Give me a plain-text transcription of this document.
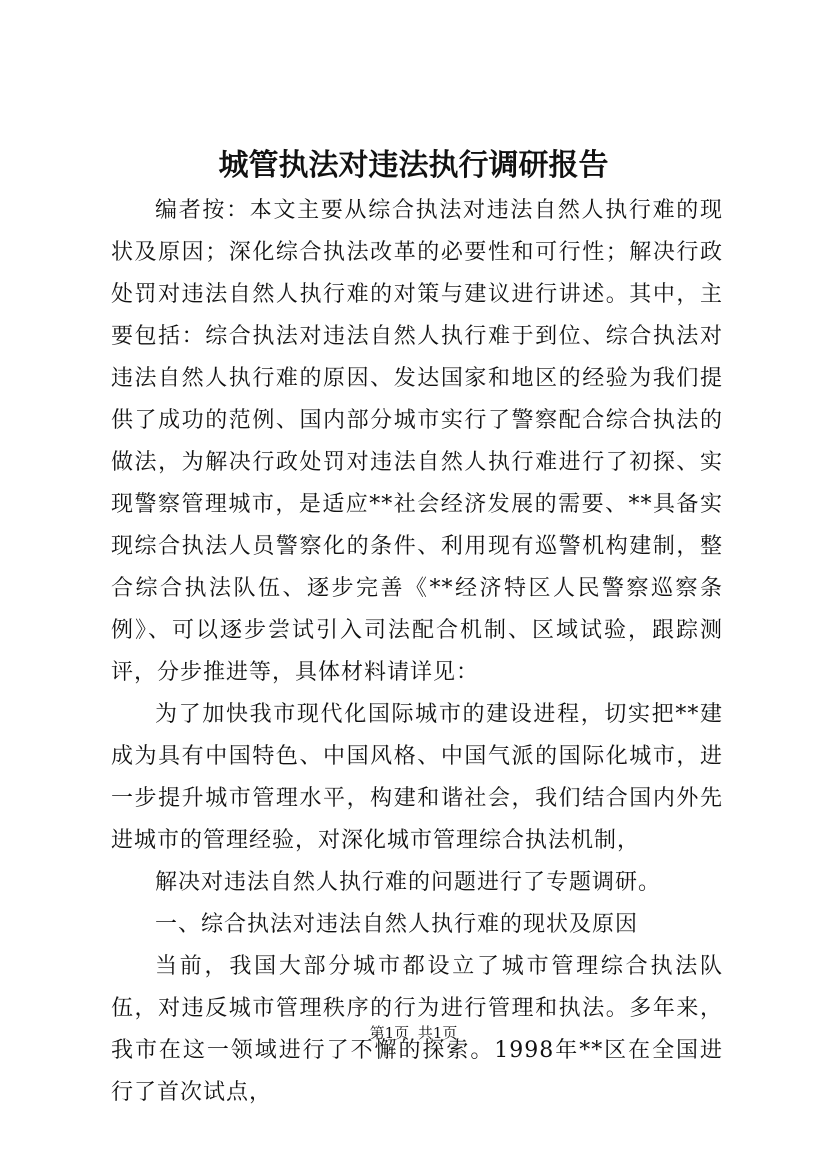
城管执法对违法执行调研报告

编者按：本文主要从综合执法对违法自然人执行难的现状及原因；深化综合执法改革的必要性和可行性；解决行政处罚对违法自然人执行难的对策与建议进行讲述。其中，主要包括：综合执法对违法自然人执行难于到位、综合执法对违法自然人执行难的原因、发达国家和地区的经验为我们提供了成功的范例、国内部分城市实行了警察配合综合执法的做法，为解决行政处罚对违法自然人执行难进行了初探、实现警察管理城市，是适应**社会经济发展的需要、**具备实现综合执法人员警察化的条件、利用现有巡警机构建制，整合综合执法队伍、逐步完善《**经济特区人民警察巡察条例》、可以逐步尝试引入司法配合机制、区域试验，跟踪测评，分步推进等，具体材料请详见：

为了加快我市现代化国际城市的建设进程，切实把**建成为具有中国特色、中国风格、中国气派的国际化城市，进一步提升城市管理水平，构建和谐社会，我们结合国内外先进城市的管理经验，对深化城市管理综合执法机制，

解决对违法自然人执行难的问题进行了专题调研。

一、综合执法对违法自然人执行难的现状及原因

当前，我国大部分城市都设立了城市管理综合执法队伍，对违反城市管理秩序的行为进行管理和执法。多年来，我市在这一领域进行了不懈的探索。1998年**区在全国进行了首次试点，

第1页 共1页
